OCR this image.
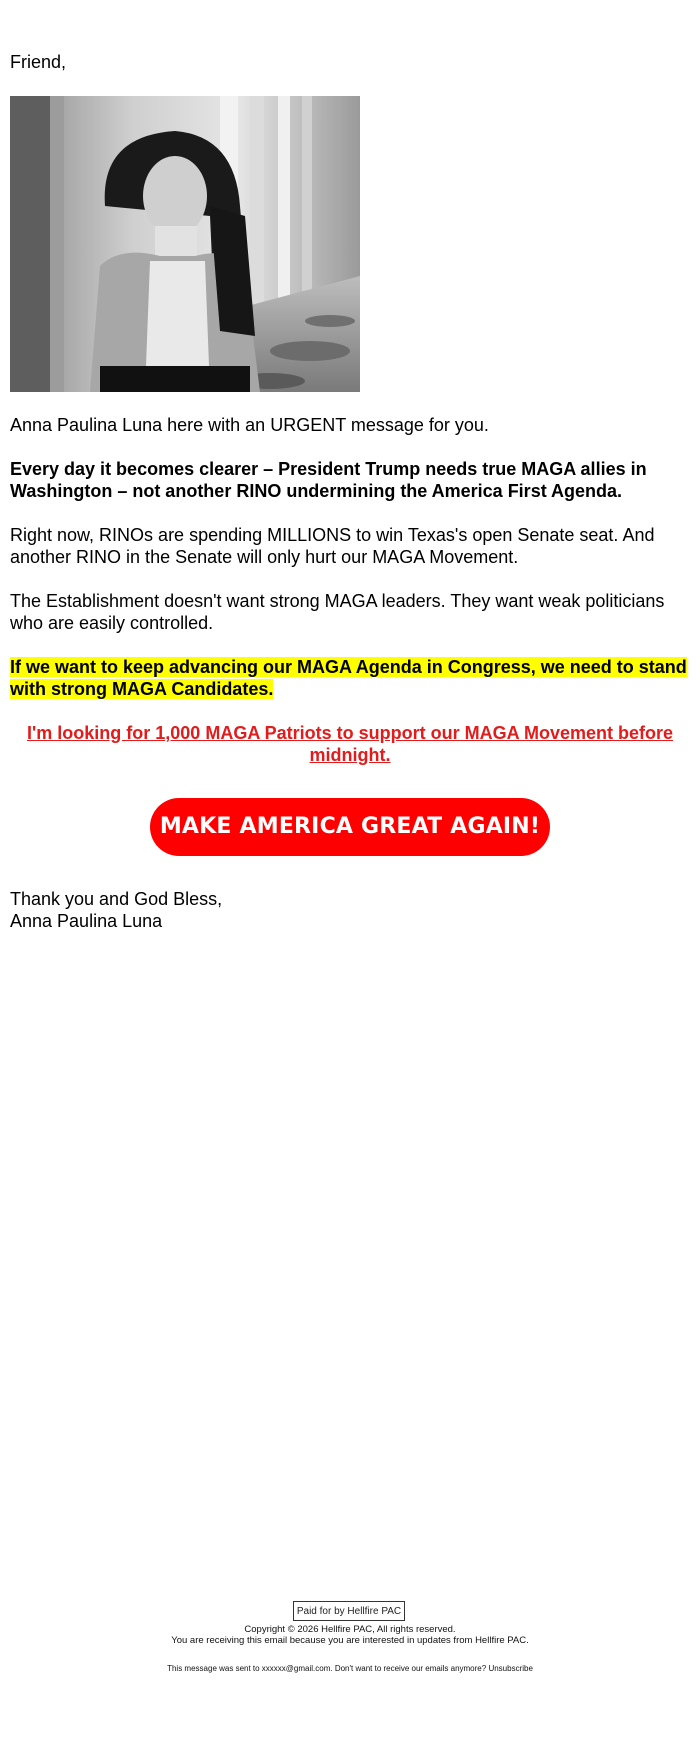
Friend,

Anna Paulina Luna here with an URGENT message for you.

Every day it becomes clearer – President Trump needs true MAGA allies in Washington – not another RINO undermining the America First Agenda.

Right now, RINOs are spending MILLIONS to win Texas's open Senate seat. And another RINO in the Senate will only hurt our MAGA Movement.

The Establishment doesn't want strong MAGA leaders. They want weak politicians who are easily controlled.

If we want to keep advancing our MAGA Agenda in Congress, we need to stand with strong MAGA Candidates.

I'm looking for 1,000 MAGA Patriots to support our MAGA Movement before midnight.

MAKE AMERICA GREAT AGAIN!

Thank you and God Bless,

Anna Paulina Luna

Paid for by Hellfire PAC
Copyright © 2026 Hellfire PAC, All rights reserved.
You are receiving this email because you are interested in updates from Hellfire PAC.
This message was sent to xxxxxx@gmail.com. Don't want to receive our emails anymore? Unsubscribe
